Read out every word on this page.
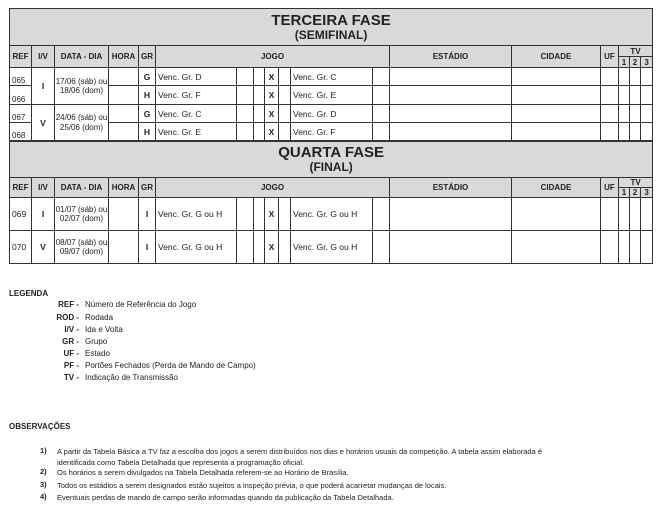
TERCEIRA FASE
(SEMIFINAL)																	

REF	I/V	DATA - DIA	HORA	GR	JOGO							ESTÁDIO	CIDADE	UF	TV		
															1	2	3
065	I	17/06 (sáb) ou 18/06 (dom)		G	Venc. Gr. D			X		Venc. Gr. C							
066				H	Venc. Gr. F			X		Venc. Gr. E							
067	V	24/06 (sáb) ou 25/06 (dom)		G	Venc. Gr. C			X		Venc. Gr. D							
068				H	Venc. Gr. E			X		Venc. Gr. F							
QUARTA FASE
(FINAL)																	

REF	I/V	DATA - DIA	HORA	GR	JOGO							ESTÁDIO	CIDADE	UF	TV		
															1	2	3
069	I	01/07 (sáb) ou 02/07 (dom)		I	Venc. Gr. G ou H			X		Venc. Gr. G ou H							
070	V	08/07 (sáb) ou 09/07 (dom)		I	Venc. Gr. G ou H			X		Venc. Gr. G ou H							
LEGENDA
REF - Número de Referência do Jogo
ROD - Rodada
I/V - Ida e Volta
GR - Grupo
UF - Estado
PF - Portões Fechados (Perda de Mando de Campo)
TV - Indicação de Transmissão
OBSERVAÇÕES
1) A partir da Tabela Básica a TV faz a escolha dos jogos a serem distribuídos nos dias e horários usuais da competição. A tabela assim elaborada é
identificada como Tabela Detalhada que representa a programação oficial.
2) Os horários a serem divulgados na Tabela Detalhada referem-se ao Horário de Brasília.
3) Todos os estádios a serem designados estão sujeitos a inspeção prévia, o que poderá acarretar mudanças de locais.
4) Eventuais perdas de mando de campo serão informadas quando da publicação da Tabela Detalhada.
